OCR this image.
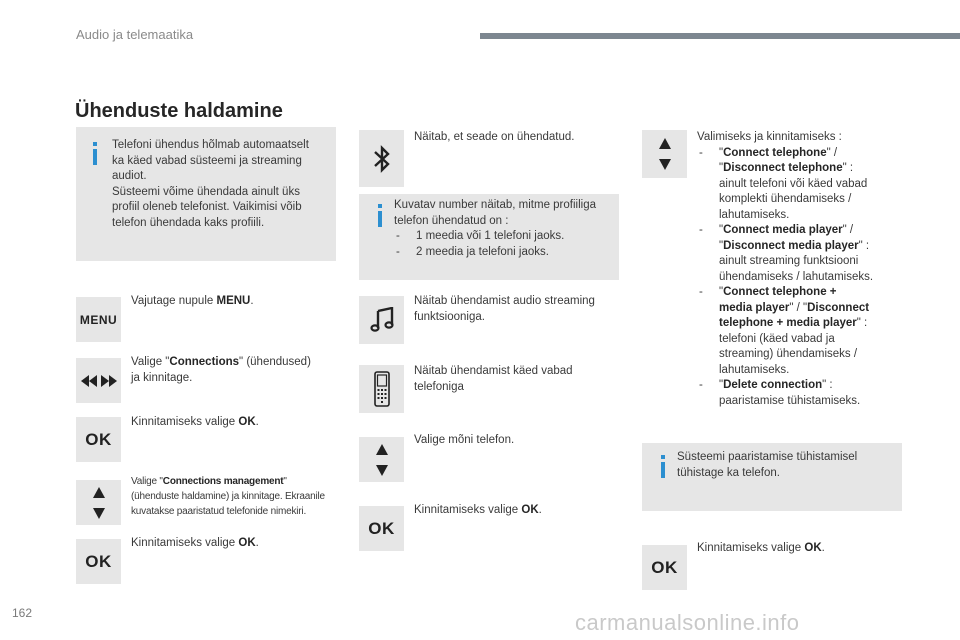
Audio ja telemaatika
Ühenduste haldamine
Telefoni ühendus hõlmab automaatselt
ka käed vabad süsteemi ja streaming
audiot.
Süsteemi võime ühendada ainult üks
profiil oleneb telefonist. Vaikimisi võib
telefon ühendada kaks profiili.
MENU
Vajutage nupule MENU.
Valige "Connections" (ühendused)
ja kinnitage.
OK
Kinnitamiseks valige OK.
Valige "Connections management"
(ühenduste haldamine) ja kinnitage. Ekraanile
kuvatakse paaristatud telefonide nimekiri.
OK
Kinnitamiseks valige OK.
Näitab, et seade on ühendatud.
Kuvatav number näitab, mitme profiiliga
telefon ühendatud on :
- 1 meedia või 1 telefoni jaoks.
- 2 meedia ja telefoni jaoks.
Näitab ühendamist audio streaming
funktsiooniga.
Näitab ühendamist käed vabad
telefoniga
Valige mõni telefon.
OK
Kinnitamiseks valige OK.
Valimiseks ja kinnitamiseks :
- "Connect telephone" /
"Disconnect telephone" :
ainult telefoni või käed vabad
komplekti ühendamiseks /
lahutamiseks.
- "Connect media player" /
"Disconnect media player" :
ainult streaming funktsiooni
ühendamiseks / lahutamiseks.
- "Connect telephone +
media player" / "Disconnect
telephone + media player" :
telefoni (käed vabad ja
streaming) ühendamiseks /
lahutamiseks.
- "Delete connection" :
paaristamise tühistamiseks.
Süsteemi paaristamise tühistamisel
tühistage ka telefon.
OK
Kinnitamiseks valige OK.
162	carmanualsonline.info
